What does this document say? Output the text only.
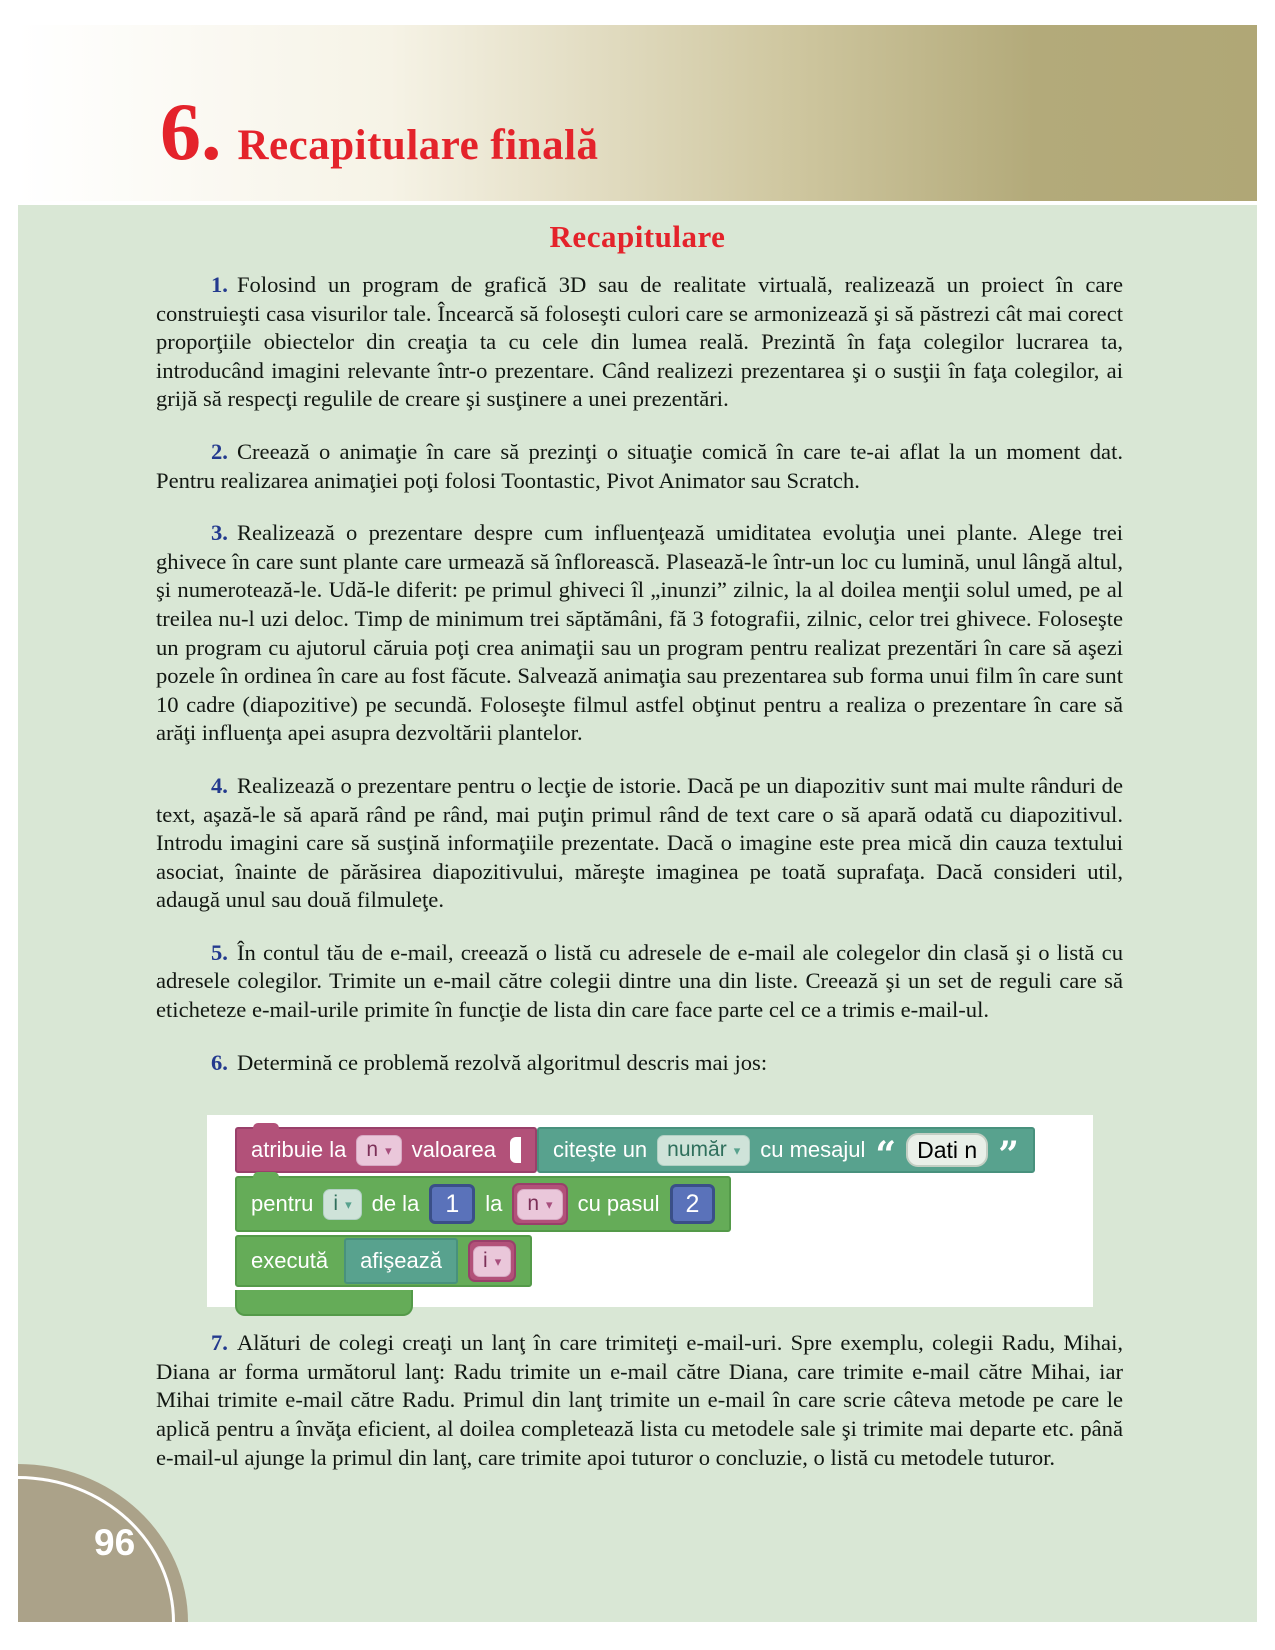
6. Recapitulare finală
Recapitulare

1. Folosind un program de grafică 3D sau de realitate virtuală, realizează un proiect în care construieşti casa visurilor tale. Încearcă să foloseşti culori care se armonizează şi să păstrezi cât mai corect proporţiile obiectelor din creaţia ta cu cele din lumea reală. Prezintă în faţa colegilor lucrarea ta, introducând imagini relevante într-o prezentare. Când realizezi prezentarea şi o susţii în faţa colegilor, ai grijă să respecţi regulile de creare şi susţinere a unei prezentări.

2. Creează o animaţie în care să prezinţi o situaţie comică în care te-ai aflat la un moment dat. Pentru realizarea animaţiei poţi folosi Toontastic, Pivot Animator sau Scratch.

3. Realizează o prezentare despre cum influenţează umiditatea evoluţia unei plante. Alege trei ghivece în care sunt plante care urmează să înflorească. Plasează-le într-un loc cu lumină, unul lângă altul, şi numerotează-le. Udă-le diferit: pe primul ghiveci îl „inunzi” zilnic, la al doilea menţii solul umed, pe al treilea nu-l uzi deloc. Timp de minimum trei săptămâni, fă 3 fotografii, zilnic, celor trei ghivece. Foloseşte un program cu ajutorul căruia poţi crea animaţii sau un program pentru realizat prezentări în care să aşezi pozele în ordinea în care au fost făcute. Salvează animaţia sau prezentarea sub forma unui film în care sunt 10 cadre (diapozitive) pe secundă. Foloseşte filmul astfel obţinut pentru a realiza o prezentare în care să arăţi influenţa apei asupra dezvoltării plantelor.

4. Realizează o prezentare pentru o lecţie de istorie. Dacă pe un diapozitiv sunt mai multe rânduri de text, aşază-le să apară rând pe rând, mai puţin primul rând de text care o să apară odată cu diapozitivul. Introdu imagini care să susţină informaţiile prezentate. Dacă o imagine este prea mică din cauza textului asociat, înainte de părăsirea diapozitivului, măreşte imaginea pe toată suprafaţa. Dacă consideri util, adaugă unul sau două filmuleţe.

5. În contul tău de e-mail, creează o listă cu adresele de e-mail ale colegelor din clasă şi o listă cu adresele colegilor. Trimite un e-mail către colegii dintre una din liste. Creează şi un set de reguli care să eticheteze e-mail-urile primite în funcţie de lista din care face parte cel ce a trimis e-mail-ul.

6. Determină ce problemă rezolvă algoritmul descris mai jos:

atribuie la n ▾ valoarea	citeşte un număr ▾ cu mesajul “ Dati n ”
pentru i ▾ de la	1	la n ▾ cu pasul	2
execută afişează i ▾

7. Alături de colegi creaţi un lanţ în care trimiteţi e-mail-uri. Spre exemplu, colegii Radu, Mihai, Diana ar forma următorul lanţ: Radu trimite un e-mail către Diana, care trimite e-mail către Mihai, iar Mihai trimite e-mail către Radu. Primul din lanţ trimite un e-mail în care scrie câteva metode pe care le aplică pentru a învăţa eficient, al doilea completează lista cu metodele sale şi trimite mai departe etc. până e-mail-ul ajunge la primul din lanţ, care trimite apoi tuturor o concluzie, o listă cu metodele tuturor.

96
